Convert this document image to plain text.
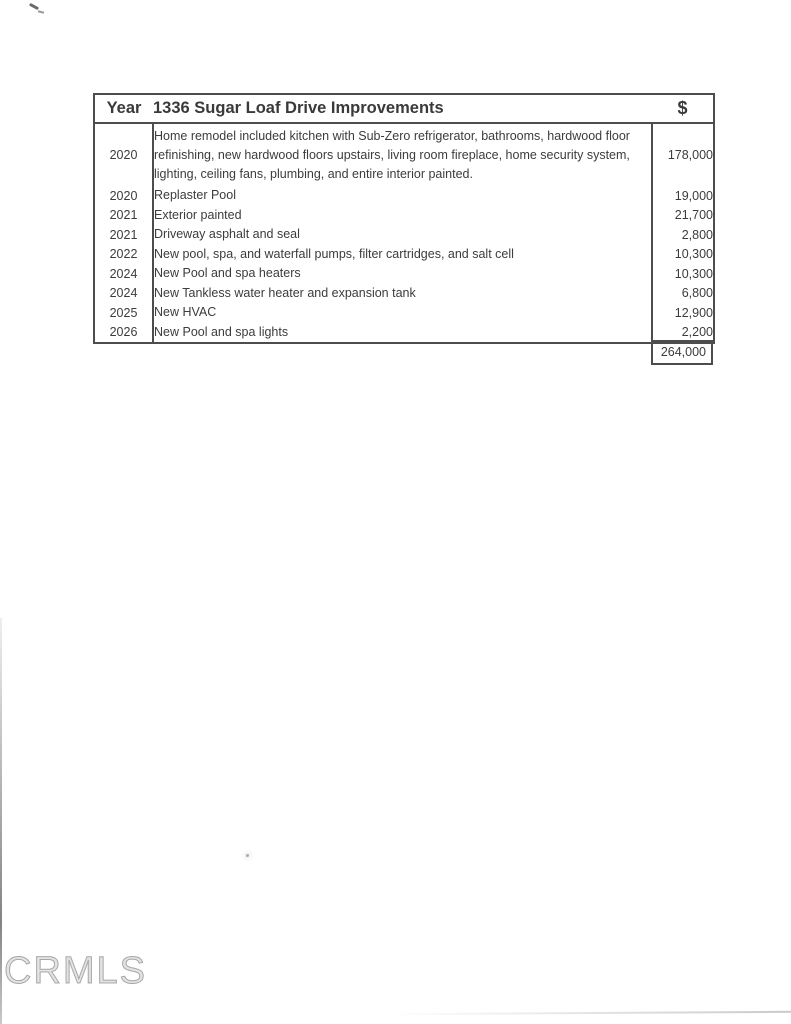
Year	1336 Sugar Loaf Drive Improvements	$
2020	Home remodel included kitchen with Sub-Zero refrigerator, bathrooms, hardwood floor refinishing, new hardwood floors upstairs, living room fireplace, home security system, lighting, ceiling fans, plumbing, and entire interior painted.	178,000
2020	Replaster Pool	19,000
2021	Exterior painted	21,700
2021	Driveway asphalt and seal	2,800
2022	New pool, spa, and waterfall pumps, filter cartridges, and salt cell	10,300
2024	New Pool and spa heaters	10,300
2024	New Tankless water heater and expansion tank	6,800
2025	New HVAC	12,900
2026	New Pool and spa lights	2,200
264,000
CRMLS
